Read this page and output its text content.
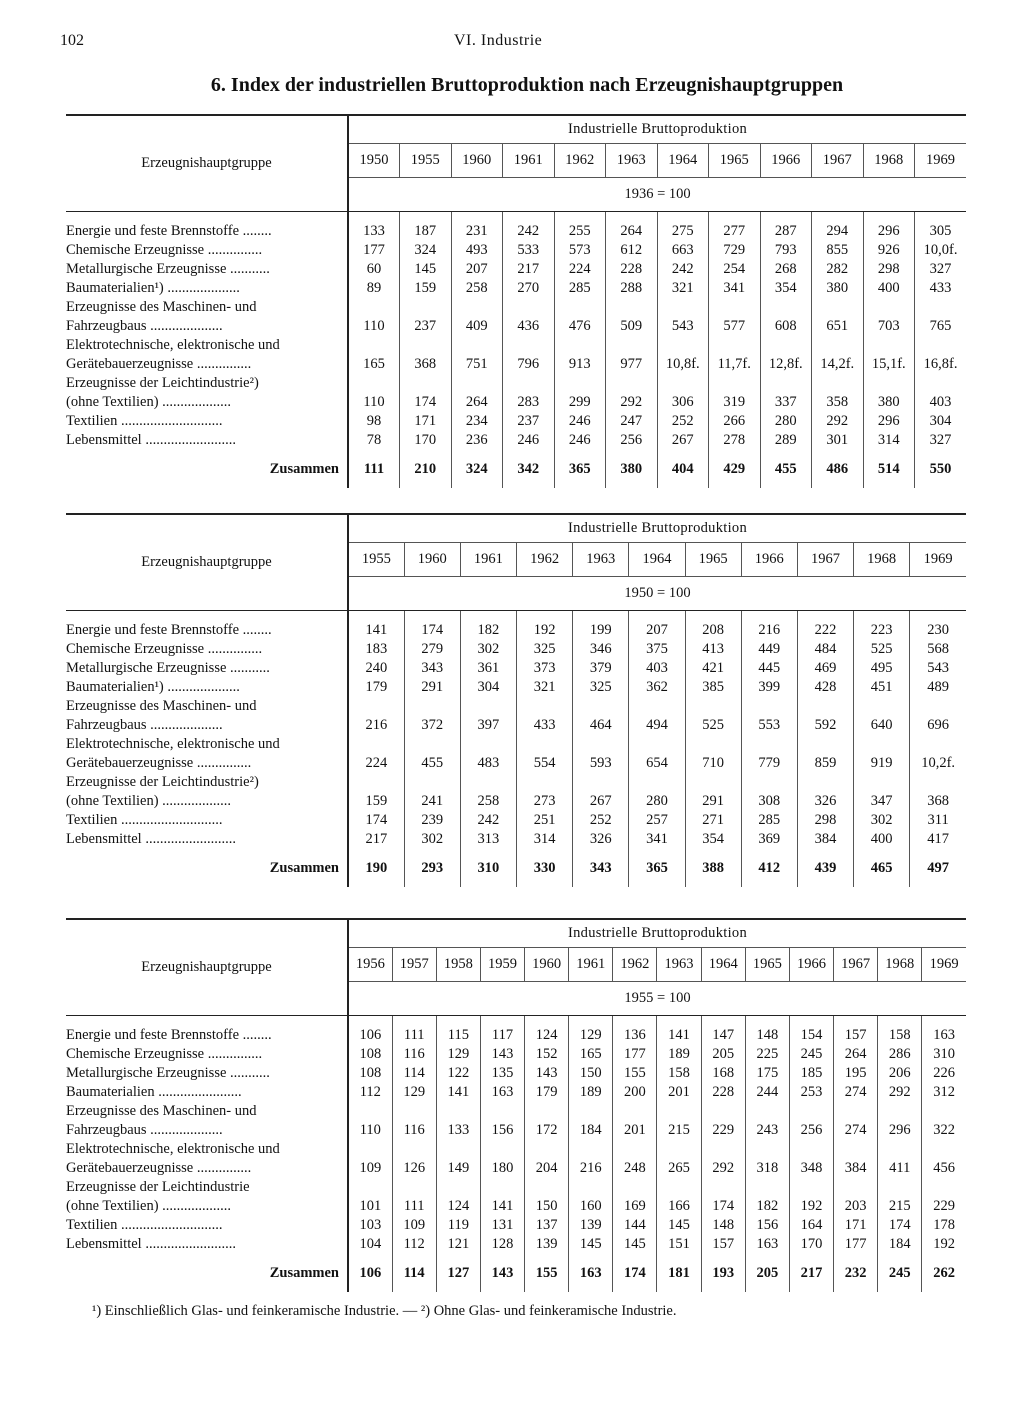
102	VI. Industrie
6. Index der industriellen Bruttoproduktion nach Erzeugnishauptgruppen
Erzeugnishauptgruppe	Industrielle Bruttoproduktion											
	1950	1955	1960	1961	1962	1963	1964	1965	1966	1967	1968	1969
	1936 = 100											

Energie und feste Brennstoffe ........	133	187	231	242	255	264	275	277	287	294	296	305
Chemische Erzeugnisse ...............	177	324	493	533	573	612	663	729	793	855	926	10,0f.
Metallurgische Erzeugnisse ...........	60	145	207	217	224	228	242	254	268	282	298	327
Baumaterialien¹) ....................	89	159	258	270	285	288	321	341	354	380	400	433
Erzeugnisse des Maschinen- und												
Fahrzeugbaus ....................	110	237	409	436	476	509	543	577	608	651	703	765
Elektrotechnische, elektronische und												
Gerätebauerzeugnisse ...............	165	368	751	796	913	977	10,8f.	11,7f.	12,8f.	14,2f.	15,1f.	16,8f.
Erzeugnisse der Leichtindustrie²)												
(ohne Textilien) ...................	110	174	264	283	299	292	306	319	337	358	380	403
Textilien ............................	98	171	234	237	246	247	252	266	280	292	296	304
Lebensmittel .........................	78	170	236	246	246	256	267	278	289	301	314	327
Zusammen	111	210	324	342	365	380	404	429	455	486	514	550
Erzeugnishauptgruppe	Industrielle Bruttoproduktion										
	1955	1960	1961	1962	1963	1964	1965	1966	1967	1968	1969
	1950 = 100										

Energie und feste Brennstoffe ........	141	174	182	192	199	207	208	216	222	223	230
Chemische Erzeugnisse ...............	183	279	302	325	346	375	413	449	484	525	568
Metallurgische Erzeugnisse ...........	240	343	361	373	379	403	421	445	469	495	543
Baumaterialien¹) ....................	179	291	304	321	325	362	385	399	428	451	489
Erzeugnisse des Maschinen- und											
Fahrzeugbaus ....................	216	372	397	433	464	494	525	553	592	640	696
Elektrotechnische, elektronische und											
Gerätebauerzeugnisse ...............	224	455	483	554	593	654	710	779	859	919	10,2f.
Erzeugnisse der Leichtindustrie²)											
(ohne Textilien) ...................	159	241	258	273	267	280	291	308	326	347	368
Textilien ............................	174	239	242	251	252	257	271	285	298	302	311
Lebensmittel .........................	217	302	313	314	326	341	354	369	384	400	417
Zusammen	190	293	310	330	343	365	388	412	439	465	497
Erzeugnishauptgruppe	Industrielle Bruttoproduktion													
	1956	1957	1958	1959	1960	1961	1962	1963	1964	1965	1966	1967	1968	1969
	1955 = 100													

Energie und feste Brennstoffe ........	106	111	115	117	124	129	136	141	147	148	154	157	158	163
Chemische Erzeugnisse ...............	108	116	129	143	152	165	177	189	205	225	245	264	286	310
Metallurgische Erzeugnisse ...........	108	114	122	135	143	150	155	158	168	175	185	195	206	226
Baumaterialien .......................	112	129	141	163	179	189	200	201	228	244	253	274	292	312
Erzeugnisse des Maschinen- und														
Fahrzeugbaus ....................	110	116	133	156	172	184	201	215	229	243	256	274	296	322
Elektrotechnische, elektronische und														
Gerätebauerzeugnisse ...............	109	126	149	180	204	216	248	265	292	318	348	384	411	456
Erzeugnisse der Leichtindustrie														
(ohne Textilien) ...................	101	111	124	141	150	160	169	166	174	182	192	203	215	229
Textilien ............................	103	109	119	131	137	139	144	145	148	156	164	171	174	178
Lebensmittel .........................	104	112	121	128	139	145	145	151	157	163	170	177	184	192
Zusammen	106	114	127	143	155	163	174	181	193	205	217	232	245	262
¹) Einschließlich Glas- und feinkeramische Industrie. — ²) Ohne Glas- und feinkeramische Industrie.
